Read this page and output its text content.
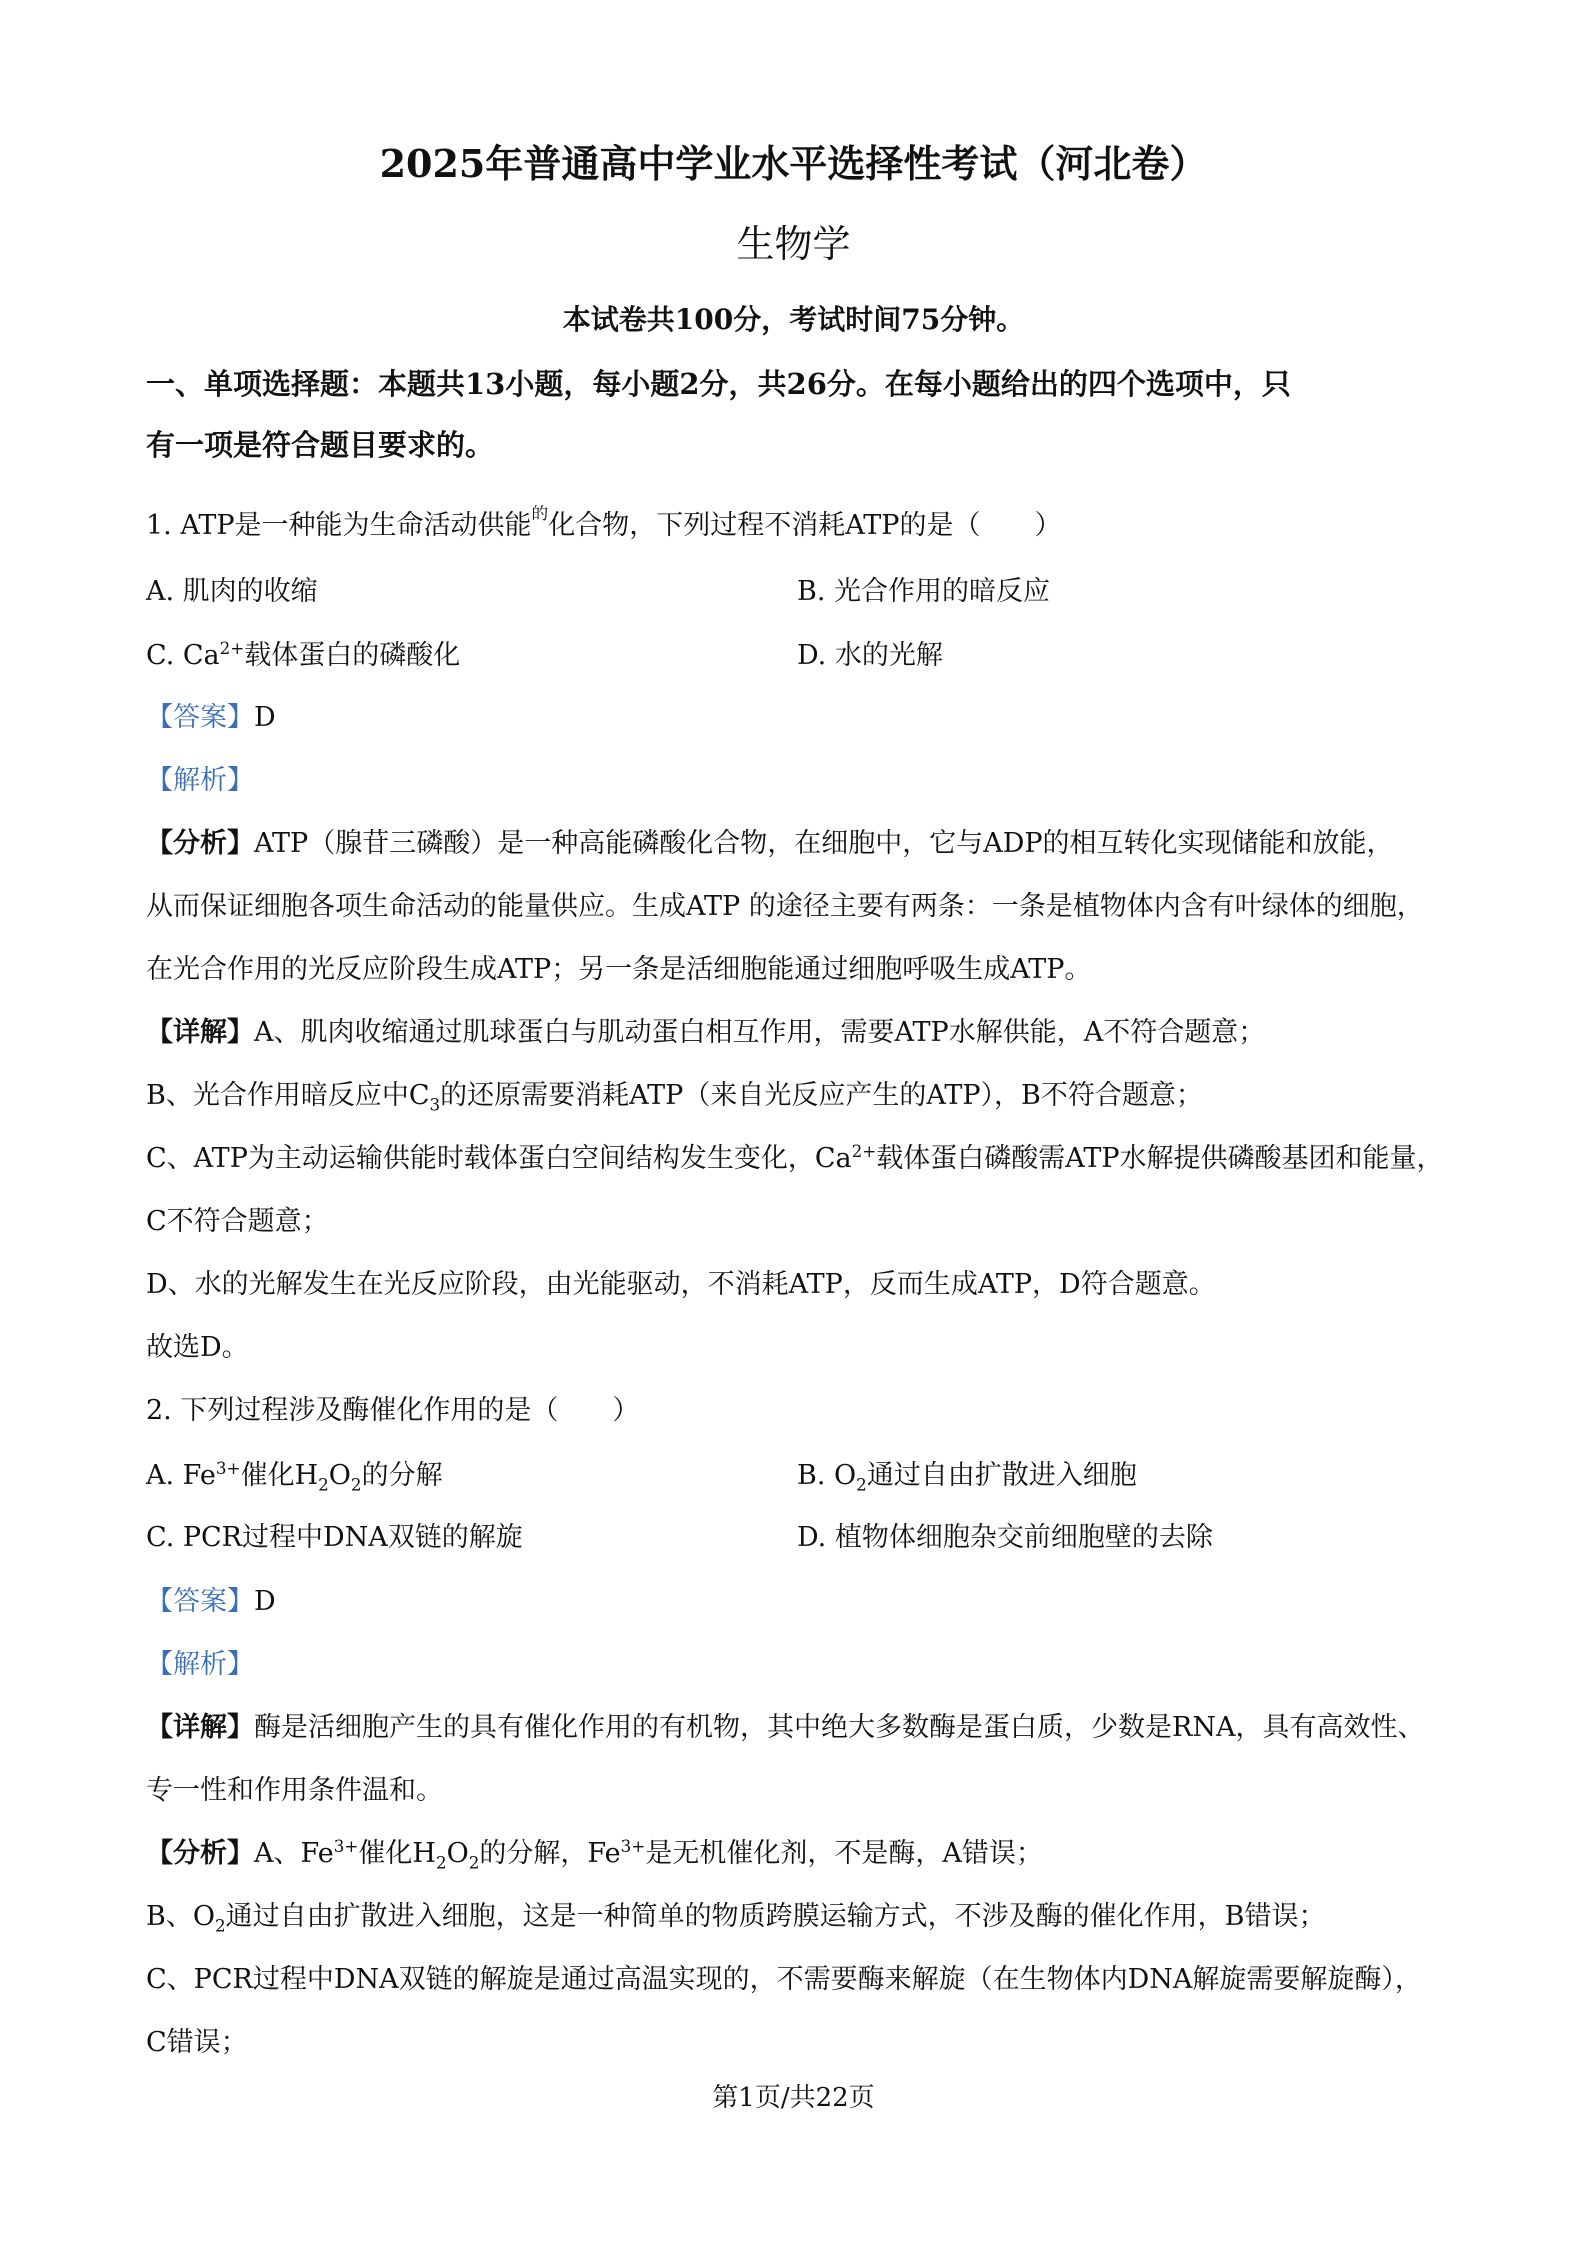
2025年普通高中学业水平选择性考试（河北卷）
生物学
本试卷共100分，考试时间75分钟。
一、单项选择题：本题共13小题，每小题2分，共26分。在每小题给出的四个选项中，只
有一项是符合题目要求的。
1. ATP是一种能为生命活动供能$^的$化合物，下列过程不消耗ATP的是（　　）
A. 肌肉的收缩	B. 光合作用的暗反应
C. $Ca^{2+}$载体蛋白的磷酸化	D. 水的光解
【答案】D
【解析】
【分析】ATP（腺苷三磷酸）是一种高能磷酸化合物，在细胞中，它与ADP的相互转化实现储能和放能，
从而保证细胞各项生命活动的能量供应。生成ATP 的途径主要有两条：一条是植物体内含有叶绿体的细胞，
在光合作用的光反应阶段生成ATP；另一条是活细胞能通过细胞呼吸生成ATP。
【详解】A、肌肉收缩通过肌球蛋白与肌动蛋白相互作用，需要ATP水解供能，A不符合题意；
B、光合作用暗反应中$C_3$的还原需要消耗ATP（来自光反应产生的ATP），B不符合题意；
C、ATP为主动运输供能时载体蛋白空间结构发生变化，$Ca^{2+}$载体蛋白磷酸需ATP水解提供磷酸基团和能量，
C不符合题意；
D、水的光解发生在光反应阶段，由光能驱动，不消耗ATP，反而生成ATP，D符合题意。
故选D。
2. 下列过程涉及酶催化作用的是（　　）
A. $Fe^{3+}$催化$H_2O_2$的分解	B. $O_2$通过自由扩散进入细胞
C. PCR过程中DNA双链的解旋	D. 植物体细胞杂交前细胞壁的去除
【答案】D
【解析】
【详解】酶是活细胞产生的具有催化作用的有机物，其中绝大多数酶是蛋白质，少数是RNA，具有高效性、
专一性和作用条件温和。
【分析】A、$Fe^{3+}$催化$H_2O_2$的分解，$Fe^{3+}$是无机催化剂，不是酶，A错误；
B、$O_2$通过自由扩散进入细胞，这是一种简单的物质跨膜运输方式，不涉及酶的催化作用，B错误；
C、PCR过程中DNA双链的解旋是通过高温实现的，不需要酶来解旋（在生物体内DNA解旋需要解旋酶），
C错误；
第1页/共22页
